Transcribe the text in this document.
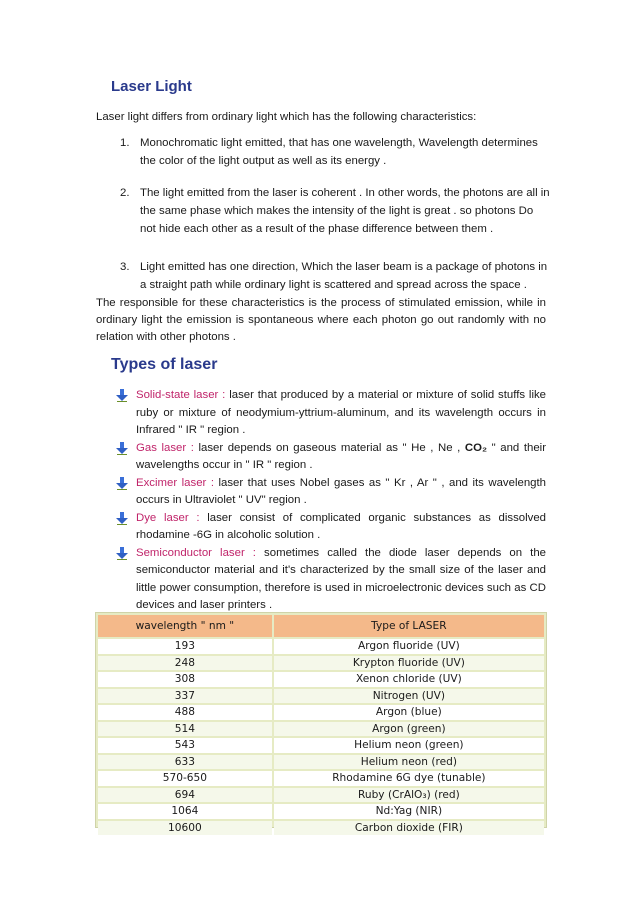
Laser Light

Laser light differs from ordinary light which has the following characteristics:

1. Monochromatic light emitted, that has one wavelength, Wavelength determines the color of the light output as well as its energy .
2. The light emitted from the laser is coherent . In other words, the photons are all in the same phase which makes the intensity of the light is great . so photons Do not hide each other as a result of the phase difference between them .
3. Light emitted has one direction, Which the laser beam is a package of photons in a straight path while ordinary light is scattered and spread across the space .

The responsible for these characteristics is the process of stimulated emission, while in ordinary light the emission is spontaneous where each photon go out randomly with no relation with other photons .

Types of laser
Solid-state laser : laser that produced by a material or mixture of solid stuffs like ruby or mixture of neodymium-yttrium-aluminum, and its wavelength occurs in Infrared " IR " region .
Gas laser : laser depends on gaseous material as " He , Ne , CO₂ " and their wavelengths occur in " IR " region .
Excimer laser : laser that uses Nobel gases as " Kr , Ar " , and its wavelength occurs in Ultraviolet " UV" region .
Dye laser : laser consist of complicated organic substances as dissolved rhodamine -6G in alcoholic solution .
Semiconductor laser : sometimes called the diode laser depends on the semiconductor material and it's characterized by the small size of the laser and little power consumption, therefore is used in microelectronic devices such as CD devices and laser printers .
wavelength " nm "	Type of LASER
193	Argon fluoride (UV)
248	Krypton fluoride (UV)
308	Xenon chloride (UV)
337	Nitrogen (UV)
488	Argon (blue)
514	Argon (green)
543	Helium neon (green)
633	Helium neon (red)
570-650	Rhodamine 6G dye (tunable)
694	Ruby (CrAlO₃) (red)
1064	Nd:Yag (NIR)
10600	Carbon dioxide (FIR)
